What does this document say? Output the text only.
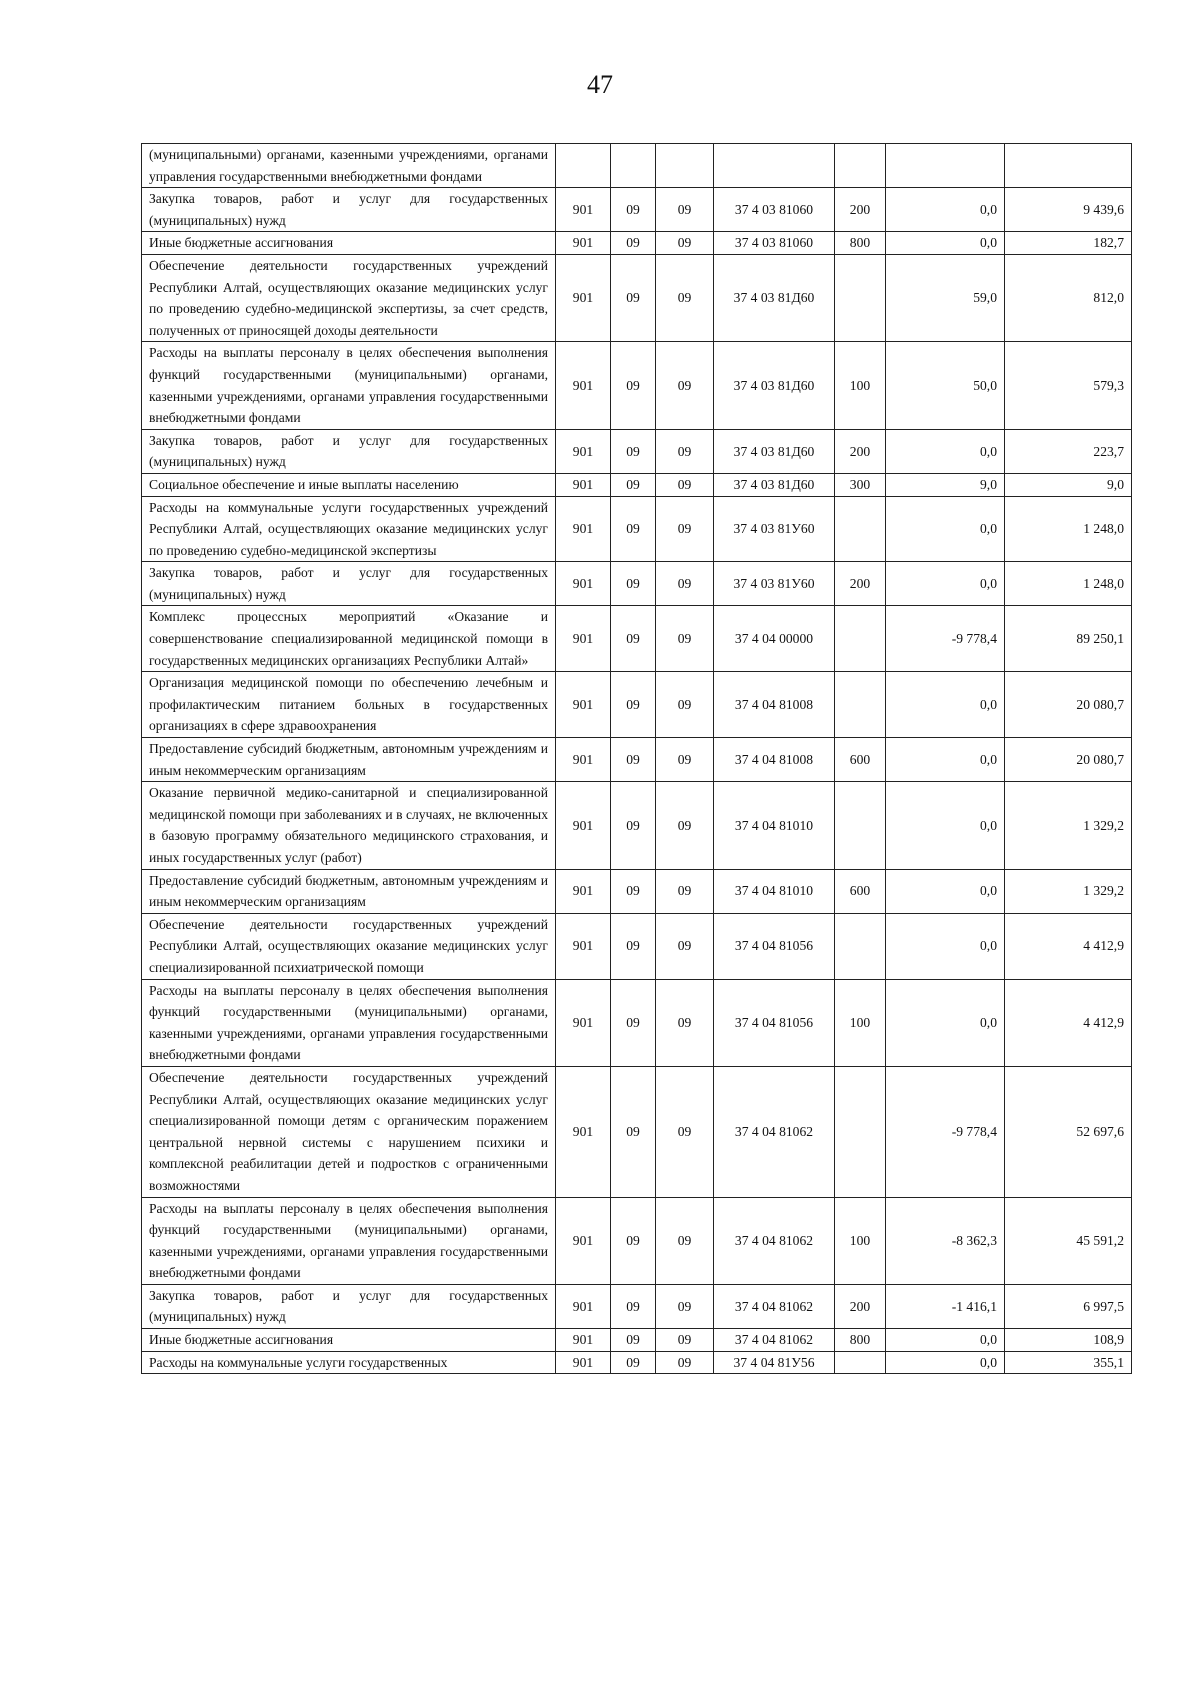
47
(муниципальными) органами, казенными учреждениями, органами управления государственными внебюджетными фондами							
Закупка товаров, работ и услуг для государственных (муниципальных) нужд	901	09	09	37 4 03 81060	200	0,0	9 439,6
Иные бюджетные ассигнования	901	09	09	37 4 03 81060	800	0,0	182,7
Обеспечение деятельности государственных учреждений Республики Алтай, осуществляющих оказание медицинских услуг по проведению судебно-медицинской экспертизы, за счет средств, полученных от приносящей доходы деятельности	901	09	09	37 4 03 81Д60		59,0	812,0
Расходы на выплаты персоналу в целях обеспечения выполнения функций государственными (муниципальными) органами, казенными учреждениями, органами управления государственными внебюджетными фондами	901	09	09	37 4 03 81Д60	100	50,0	579,3
Закупка товаров, работ и услуг для государственных (муниципальных) нужд	901	09	09	37 4 03 81Д60	200	0,0	223,7
Социальное обеспечение и иные выплаты населению	901	09	09	37 4 03 81Д60	300	9,0	9,0
Расходы на коммунальные услуги государственных учреждений Республики Алтай, осуществляющих оказание медицинских услуг по проведению судебно-медицинской экспертизы	901	09	09	37 4 03 81У60		0,0	1 248,0
Закупка товаров, работ и услуг для государственных (муниципальных) нужд	901	09	09	37 4 03 81У60	200	0,0	1 248,0
Комплекс процессных мероприятий «Оказание и совершенствование специализированной медицинской помощи в государственных медицинских организациях Республики Алтай»	901	09	09	37 4 04 00000		-9 778,4	89 250,1
Организация медицинской помощи по обеспечению лечебным и профилактическим питанием больных в государственных организациях в сфере здравоохранения	901	09	09	37 4 04 81008		0,0	20 080,7
Предоставление субсидий бюджетным, автономным учреждениям и иным некоммерческим организациям	901	09	09	37 4 04 81008	600	0,0	20 080,7
Оказание первичной медико-санитарной и специализированной медицинской помощи при заболеваниях и в случаях, не включенных в базовую программу обязательного медицинского страхования, и иных государственных услуг (работ)	901	09	09	37 4 04 81010		0,0	1 329,2
Предоставление субсидий бюджетным, автономным учреждениям и иным некоммерческим организациям	901	09	09	37 4 04 81010	600	0,0	1 329,2
Обеспечение деятельности государственных учреждений Республики Алтай, осуществляющих оказание медицинских услуг специализированной психиатрической помощи	901	09	09	37 4 04 81056		0,0	4 412,9
Расходы на выплаты персоналу в целях обеспечения выполнения функций государственными (муниципальными) органами, казенными учреждениями, органами управления государственными внебюджетными фондами	901	09	09	37 4 04 81056	100	0,0	4 412,9
Обеспечение деятельности государственных учреждений Республики Алтай, осуществляющих оказание медицинских услуг специализированной помощи детям с органическим поражением центральной нервной системы с нарушением психики и комплексной реабилитации детей и подростков с ограниченными возможностями	901	09	09	37 4 04 81062		-9 778,4	52 697,6
Расходы на выплаты персоналу в целях обеспечения выполнения функций государственными (муниципальными) органами, казенными учреждениями, органами управления государственными внебюджетными фондами	901	09	09	37 4 04 81062	100	-8 362,3	45 591,2
Закупка товаров, работ и услуг для государственных (муниципальных) нужд	901	09	09	37 4 04 81062	200	-1 416,1	6 997,5
Иные бюджетные ассигнования	901	09	09	37 4 04 81062	800	0,0	108,9
Расходы на коммунальные услуги государственных	901	09	09	37 4 04 81У56		0,0	355,1
